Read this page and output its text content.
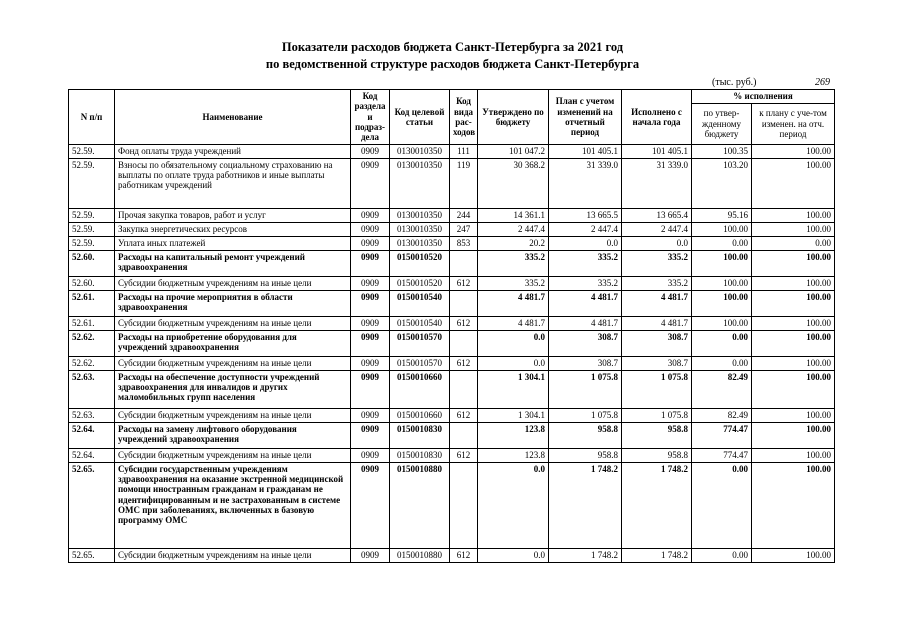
Показатели расходов бюджета Санкт-Петербурга за 2021 год
по ведомственной структуре расходов бюджета Санкт-Петербурга
(тыс. руб.)	269
N п/п	Наименование	Код раздела и подраз-дела	Код целевой статьи	Код вида рас-ходов	Утверждено по бюджету	План с учетом изменений на отчетный период	Исполнено с начала года	% исполнения	
								по утвер-жденному бюджету	к плану с уче-том изменен. на отч. период
52.59.	Фонд оплаты труда учреждений	0909	0130010350	111	101 047.2	101 405.1	101 405.1	100.35	100.00
52.59.	Взносы по обязательному социальному страхованию на выплаты по оплате труда работников и иные выплаты работникам учреждений	0909	0130010350	119	30 368.2	31 339.0	31 339.0	103.20	100.00
52.59.	Прочая закупка товаров, работ и услуг	0909	0130010350	244	14 361.1	13 665.5	13 665.4	95.16	100.00
52.59.	Закупка энергетических ресурсов	0909	0130010350	247	2 447.4	2 447.4	2 447.4	100.00	100.00
52.59.	Уплата иных платежей	0909	0130010350	853	20.2	0.0	0.0	0.00	0.00
52.60.	Расходы на капитальный ремонт учреждений здравоохранения	0909	0150010520		335.2	335.2	335.2	100.00	100.00
52.60.	Субсидии бюджетным учреждениям на иные цели	0909	0150010520	612	335.2	335.2	335.2	100.00	100.00
52.61.	Расходы на прочие мероприятия в области здравоохранения	0909	0150010540		4 481.7	4 481.7	4 481.7	100.00	100.00
52.61.	Субсидии бюджетным учреждениям на иные цели	0909	0150010540	612	4 481.7	4 481.7	4 481.7	100.00	100.00
52.62.	Расходы на приобретение оборудования для учреждений здравоохранения	0909	0150010570		0.0	308.7	308.7	0.00	100.00
52.62.	Субсидии бюджетным учреждениям на иные цели	0909	0150010570	612	0.0	308.7	308.7	0.00	100.00
52.63.	Расходы на обеспечение доступности учреждений здравоохранения для инвалидов и других маломобильных групп населения	0909	0150010660		1 304.1	1 075.8	1 075.8	82.49	100.00
52.63.	Субсидии бюджетным учреждениям на иные цели	0909	0150010660	612	1 304.1	1 075.8	1 075.8	82.49	100.00
52.64.	Расходы на замену лифтового оборудования учреждений здравоохранения	0909	0150010830		123.8	958.8	958.8	774.47	100.00
52.64.	Субсидии бюджетным учреждениям на иные цели	0909	0150010830	612	123.8	958.8	958.8	774.47	100.00
52.65.	Субсидии государственным учреждениям здравоохранения на оказание экстренной медицинской помощи иностранным гражданам и гражданам не идентифицированным и не застрахованным в системе ОМС при заболеваниях, включенных в базовую программу ОМС	0909	0150010880		0.0	1 748.2	1 748.2	0.00	100.00
52.65.	Субсидии бюджетным учреждениям на иные цели	0909	0150010880	612	0.0	1 748.2	1 748.2	0.00	100.00
